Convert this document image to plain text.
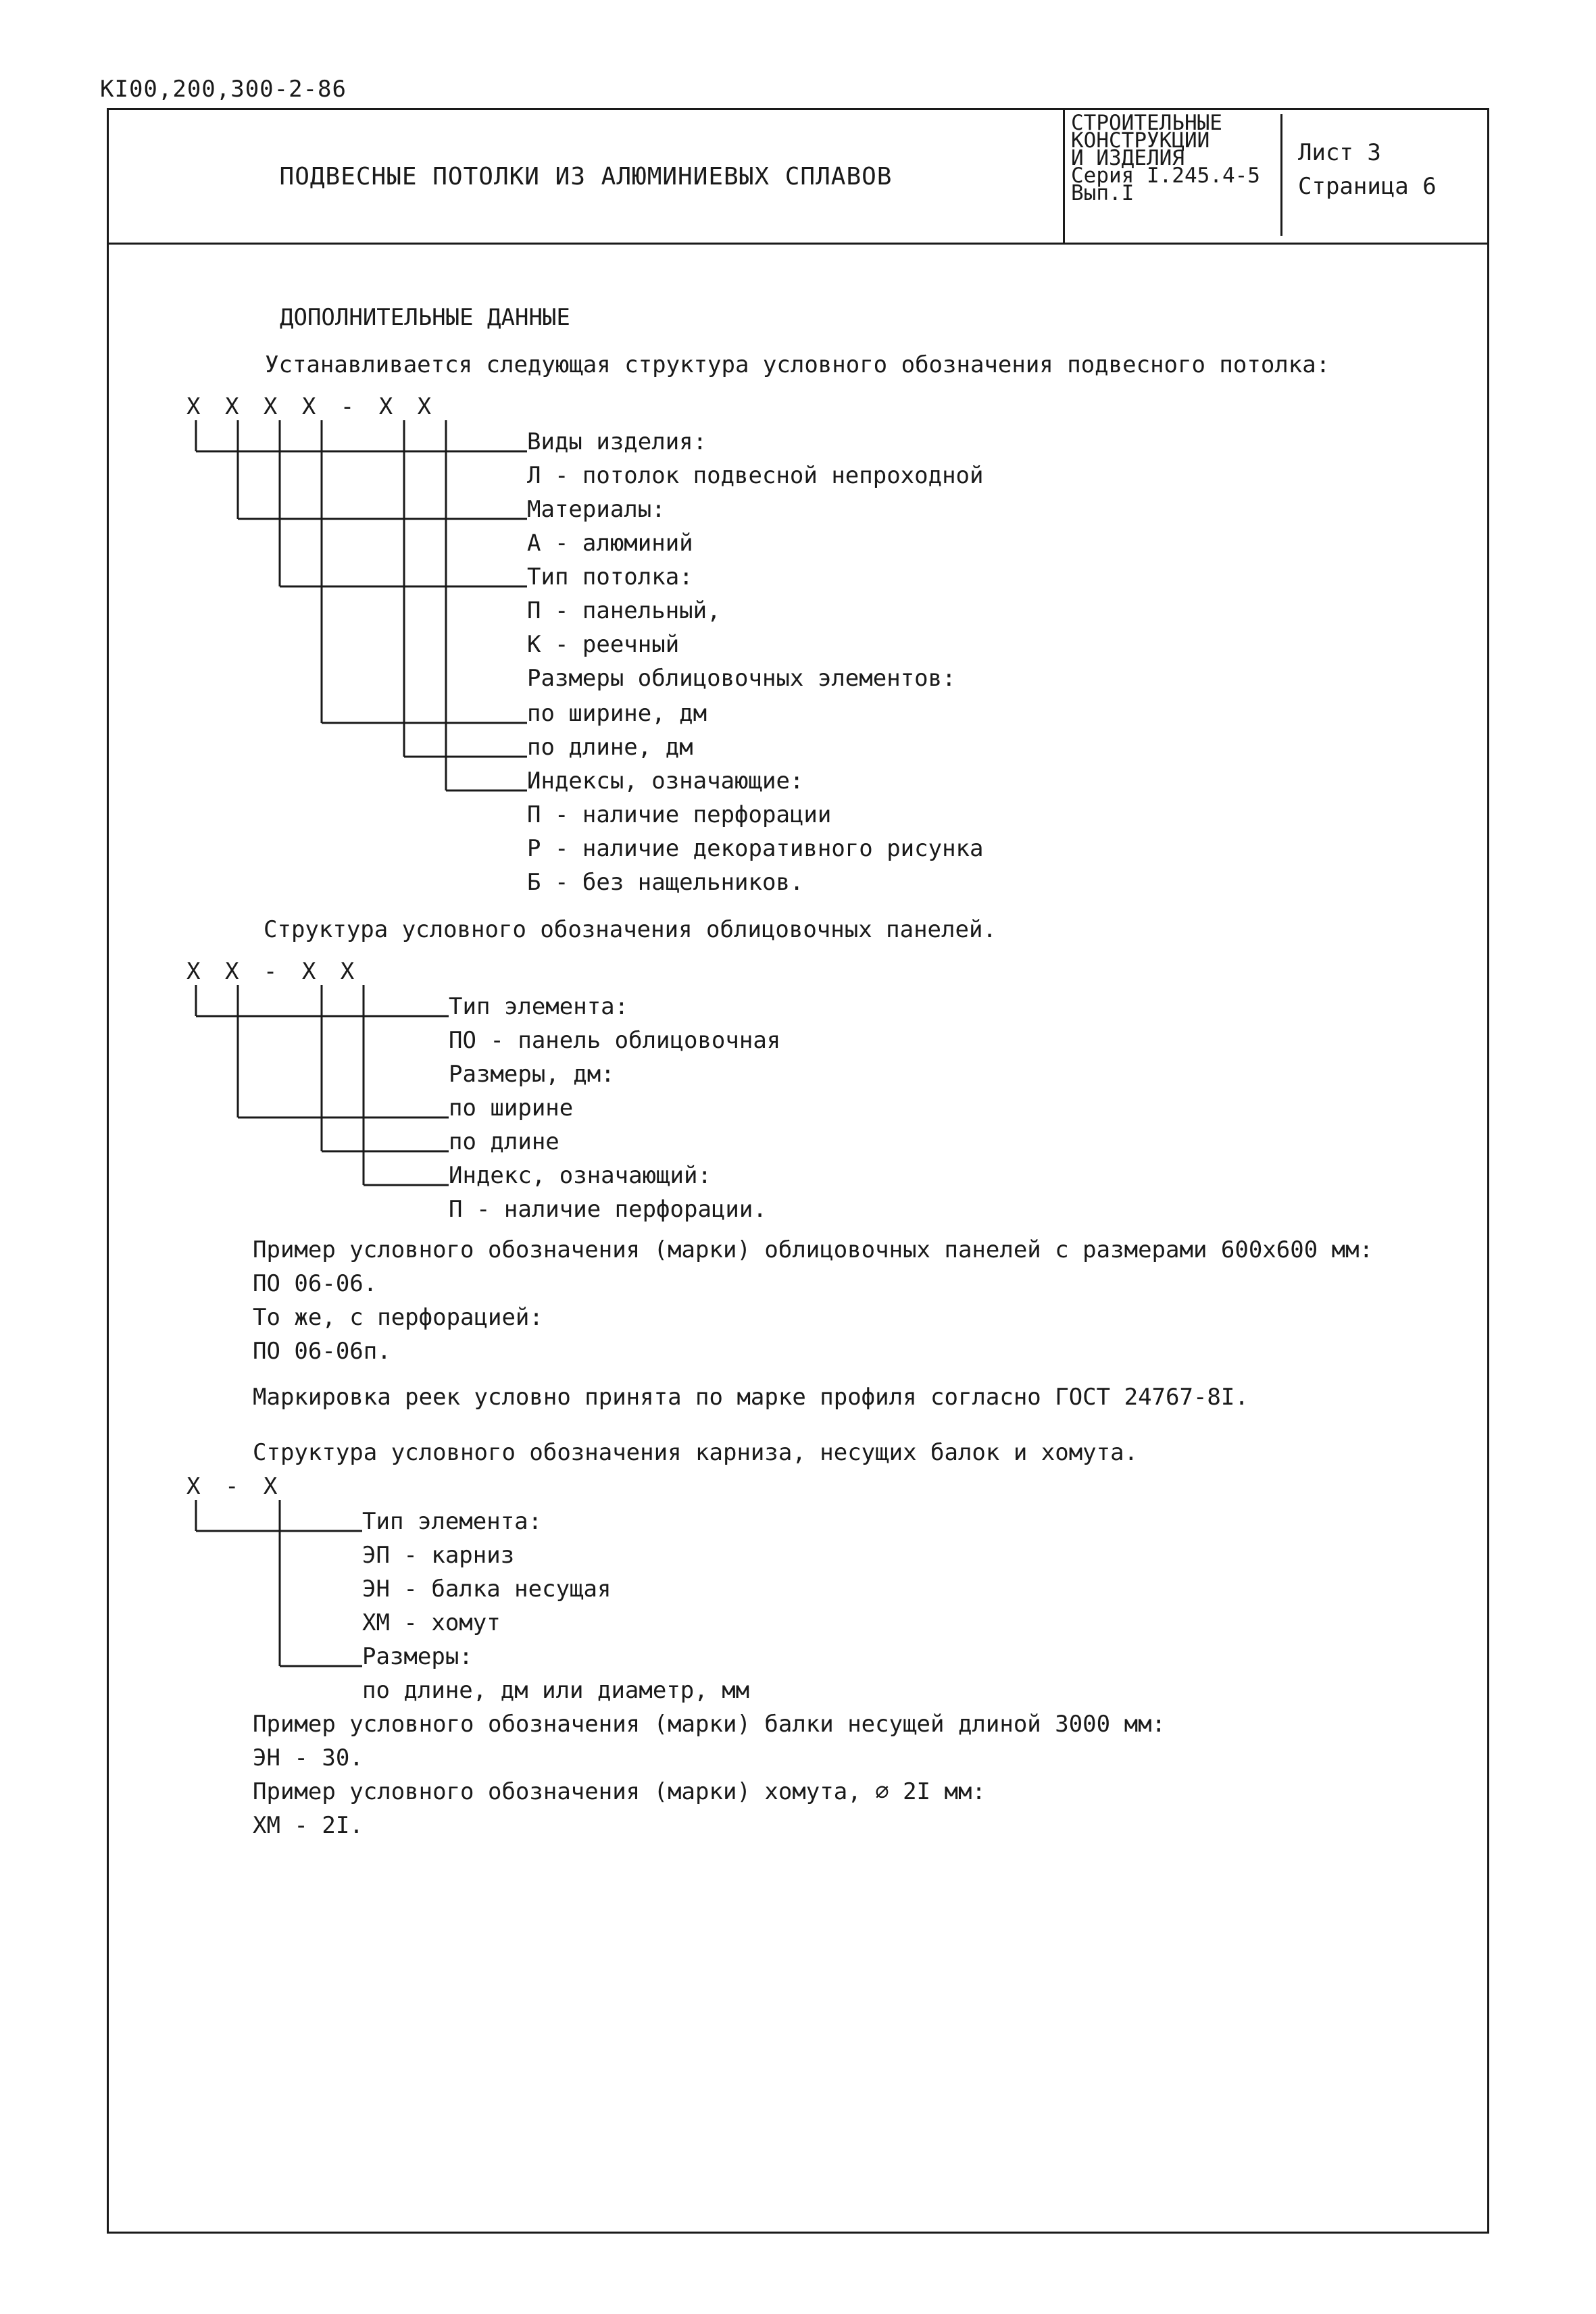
КI00,200,300-2-86
ПОДВЕСНЫЕ ПОТОЛКИ ИЗ АЛЮМИНИЕВЫХ СПЛАВОВ
СТРОИТЕЛЬНЫЕ
КОНСТРУКЦИИ
И ИЗДЕЛИЯ
Серия I.245.4-5
Вып.I
Лист 3
Страница 6
ДОПОЛНИТЕЛЬНЫЕ ДАННЫЕ
Устанавливается следующая структура условного обозначения подвесного потолка:
X X X X - X X
Виды изделия:
Л - потолок подвесной непроходной
Материалы:
А - алюминий
Тип потолка:
П - панельный,
К - реечный
Размеры облицовочных элементов:
по ширине, дм
по длине, дм
Индексы, означающие:
П - наличие перфорации
Р - наличие декоративного рисунка
Б - без нащельников.
Структура условного обозначения облицовочных панелей.
X X - X X
Тип элемента:
ПО - панель облицовочная
Размеры, дм:
по ширине
по длине
Индекс, означающий:
П - наличие перфорации.
Пример условного обозначения (марки) облицовочных панелей с размерами 600х600 мм:
ПО 06-06.
То же, с перфорацией:
ПО 06-06п.
Маркировка реек условно принята по марке профиля согласно ГОСТ 24767-8I.
Структура условного обозначения карниза, несущих балок и хомута.
X - X
Тип элемента:
ЭП - карниз
ЭН - балка несущая
ХМ - хомут
Размеры:
по длине, дм или диаметр, мм
Пример условного обозначения (марки) балки несущей длиной 3000 мм:
ЭН - 30.
Пример условного обозначения (марки) хомута, ⌀ 2I мм:
ХМ - 2I.
